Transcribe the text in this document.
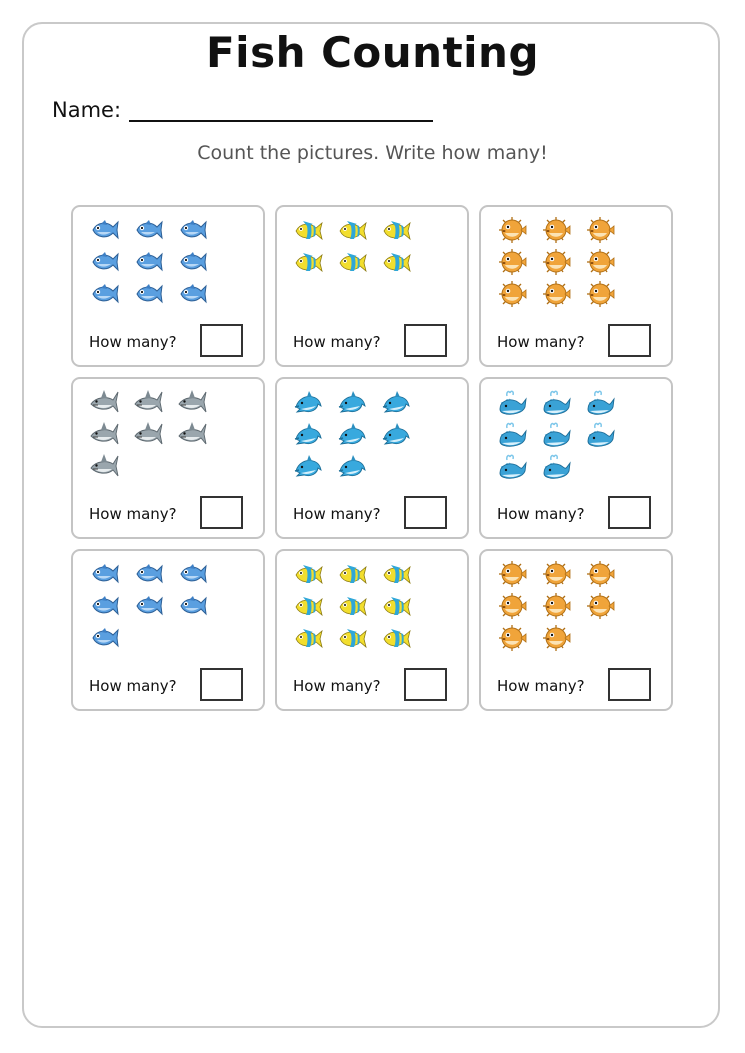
Fish Counting
Name:
Count the pictures. Write how many!
How many?	How many?	How many?
How many?	How many?	How many?
How many?	How many?	How many?
